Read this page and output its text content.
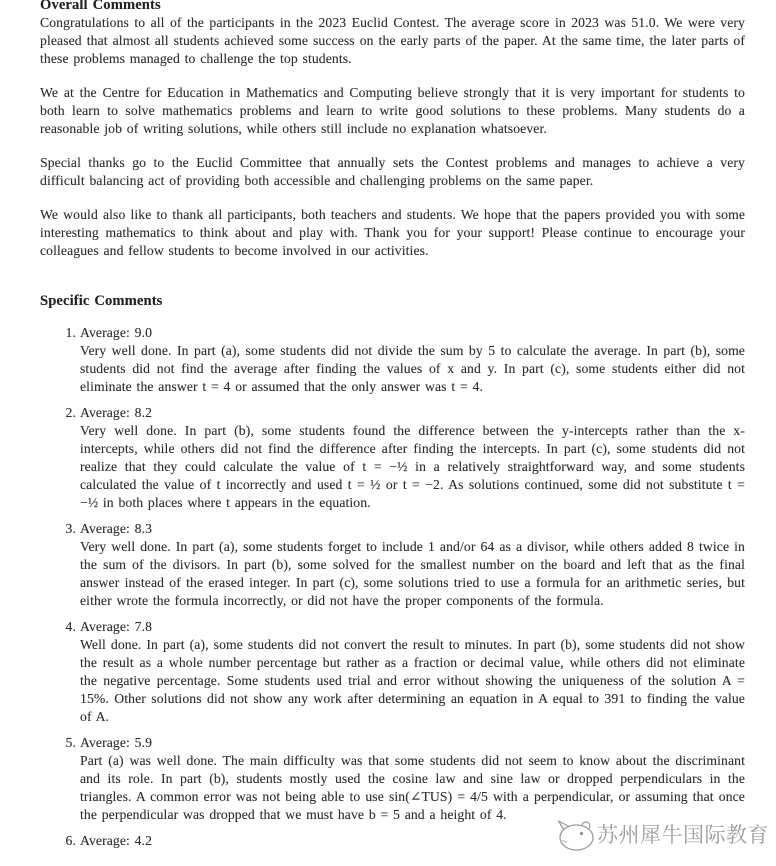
Overall Comments

Congratulations to all of the participants in the 2023 Euclid Contest. The average score in 2023 was 51.0. We were very pleased that almost all students achieved some success on the early parts of the paper. At the same time, the later parts of these problems managed to challenge the top students.

We at the Centre for Education in Mathematics and Computing believe strongly that it is very important for students to both learn to solve mathematics problems and learn to write good solutions to these problems. Many students do a reasonable job of writing solutions, while others still include no explanation whatsoever.

Special thanks go to the Euclid Committee that annually sets the Contest problems and manages to achieve a very difficult balancing act of providing both accessible and challenging problems on the same paper.

We would also like to thank all participants, both teachers and students. We hope that the papers provided you with some interesting mathematics to think about and play with. Thank you for your support! Please continue to encourage your colleagues and fellow students to become involved in our activities.

Specific Comments
1. Average: 9.0
Very well done. In part (a), some students did not divide the sum by 5 to calculate the average. In part (b), some students did not find the average after finding the values of x and y. In part (c), some students either did not eliminate the answer t = 4 or assumed that the only answer was t = 4.
2. Average: 8.2
Very well done. In part (b), some students found the difference between the y-intercepts rather than the x-intercepts, while others did not find the difference after finding the intercepts. In part (c), some students did not realize that they could calculate the value of t = −½ in a relatively straightforward way, and some students calculated the value of t incorrectly and used t = ½ or t = −2. As solutions continued, some did not substitute t = −½ in both places where t appears in the equation.
3. Average: 8.3
Very well done. In part (a), some students forget to include 1 and/or 64 as a divisor, while others added 8 twice in the sum of the divisors. In part (b), some solved for the smallest number on the board and left that as the final answer instead of the erased integer. In part (c), some solutions tried to use a formula for an arithmetic series, but either wrote the formula incorrectly, or did not have the proper components of the formula.
4. Average: 7.8
Well done. In part (a), some students did not convert the result to minutes. In part (b), some students did not show the result as a whole number percentage but rather as a fraction or decimal value, while others did not eliminate the negative percentage. Some students used trial and error without showing the uniqueness of the solution A = 15%. Other solutions did not show any work after determining an equation in A equal to 391 to finding the value of A.
5. Average: 5.9
Part (a) was well done. The main difficulty was that some students did not seem to know about the discriminant and its role. In part (b), students mostly used the cosine law and sine law or dropped perpendiculars in the triangles. A common error was not being able to use sin(∠TUS) = 4/5 with a perpendicular, or assuming that once the perpendicular was dropped that we must have b = 5 and a height of 4.
6. Average: 4.2	苏州犀牛国际教育
